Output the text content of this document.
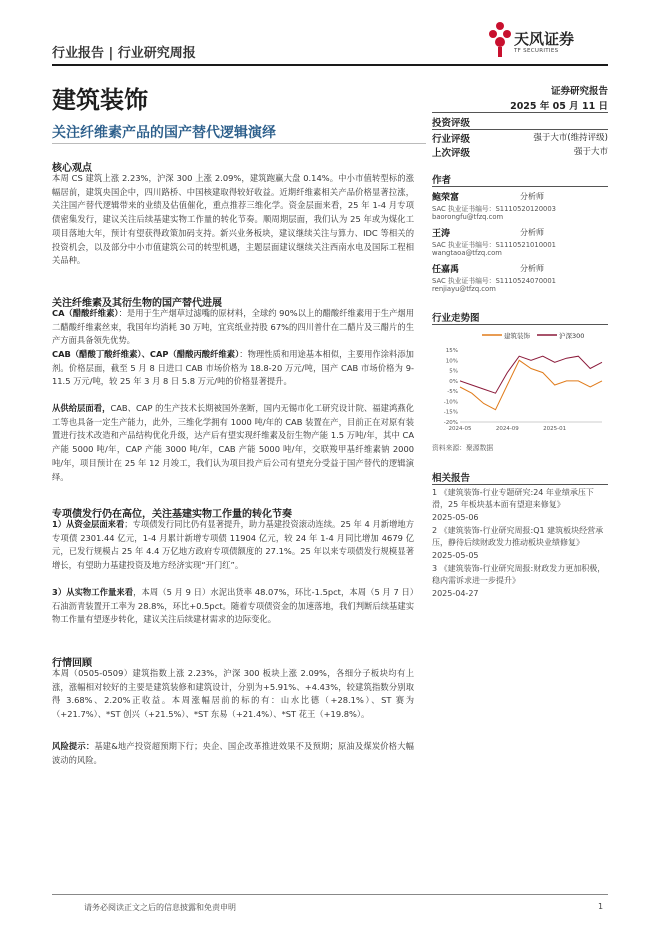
行业报告 | 行业研究周报
天风证券
TF SECURITIES
建筑装饰
关注纤维素产品的国产替代逻辑演绎
证券研究报告
2025 年 05 月 11 日
投资评级
行业评级	强于大市(维持评级)
上次评级	强于大市
作者
鲍荣富	分析师
SAC 执业证书编号：S1110520120003
baorongfu@tfzq.com
王涛	分析师
SAC 执业证书编号：S1110521010001
wangtaoa@tfzq.com
任嘉禹	分析师
SAC 执业证书编号：S1110524070001
renjiayu@tfzq.com
行业走势图
建筑装饰	沪深300
15%
10%
5%
0%
-5%
-10%
-15%
-20%
2024-05	2024-09	2025-01
资料来源：聚源数据
相关报告
1 《建筑装饰-行业专题研究:24 年业绩承压下滑，25 年板块基本面有望迎来修复》
2025-05-06
2 《建筑装饰-行业研究周报:Q1 建筑板块经营承压，静待后续财政发力推动板块业绩修复》
2025-05-05
3 《建筑装饰-行业研究周报:财政发力更加积极，稳内需诉求进一步提升》
2025-04-27
核心观点
本周 CS 建筑上涨 2.23%，沪深 300 上涨 2.09%，建筑跑赢大盘 0.14%。中小市值转型标的涨幅居前，建筑央国企中，四川路桥、中国核建取得较好收益。近期纤维素相关产品价格显著拉涨，关注国产替代逻辑带来的业绩及估值催化，重点推荐三维化学。资金层面来看，25 年 1-4 月专项债密集发行，建议关注后续基建实物工作量的转化节奏。顺周期层面，我们认为 25 年或为煤化工项目落地大年，预计有望获得政策加码支持。新兴业务板块，建议继续关注与算力、IDC 等相关的投资机会，以及部分中小市值建筑公司的转型机遇，主题层面建议继续关注西南水电及国际工程相关品种。
关注纤维素及其衍生物的国产替代进展
CA（醋酸纤维素）：是用于生产烟草过滤嘴的原材料，全球约 90%以上的醋酸纤维素用于生产烟用二醋酸纤维素丝束，我国年均消耗 30 万吨，宜宾纸业持股 67%的四川普什在二醋片及三醋片的生产方面具备领先优势。
CAB（醋酸丁酸纤维素）、CAP（醋酸丙酸纤维素）：物理性质和用途基本相似，主要用作涂料添加剂。价格层面，截至 5 月 8 日进口 CAB 市场价格为 18.8-20 万元/吨，国产 CAB 市场价格为 9-11.5 万元/吨，较 25 年 3 月 8 日 5.8 万元/吨的价格显著提升。
从供给层面看，CAB、CAP 的生产技术长期被国外垄断，国内无锡市化工研究设计院、福建鸿燕化工等也具备一定生产能力，此外，三维化学拥有 1000 吨/年的 CAB 装置在产，目前正在对原有装置进行技术改造和产品结构优化升级，达产后有望实现纤维素及衍生物产能 1.5 万吨/年，其中 CA 产能 5000 吨/年，CAP 产能 3000 吨/年，CAB 产能 5000 吨/年，交联羧甲基纤维素钠 2000 吨/年，项目预计在 25 年 12 月竣工，我们认为项目投产后公司有望充分受益于国产替代的逻辑演绎。
专项债发行仍在高位，关注基建实物工作量的转化节奏
1）从资金层面来看；专项债发行同比仍有显著提升，助力基建投资滚动连续。25 年 4 月新增地方专项债 2301.44 亿元，1-4 月累计新增专项债 11904 亿元，较 24 年 1-4 月同比增加 4679 亿元，已发行规模占 25 年 4.4 万亿地方政府专项债额度的 27.1%。25 年以来专项债发行规模显著增长，有望助力基建投资及地方经济实现“开门红”。
3）从实物工作量来看，本周（5 月 9 日）水泥出货率 48.07%，环比-1.5pct，本周（5 月 7 日）石油沥青装置开工率为 28.8%，环比+0.5pct。随着专项债资金的加速落地，我们判断后续基建实物工作量有望逐步转化，建议关注后续建材需求的边际变化。
行情回顾
本周（0505-0509）建筑指数上涨 2.23%，沪深 300 板块上涨 2.09%，各细分子板块均有上涨，涨幅相对较好的主要是建筑装修和建筑设计，分别为+5.91%、+4.43%，较建筑指数分别取得 3.68%、2.20%正收益。本周涨幅居前的标的有：山水比德（+28.1%）、ST 赛为（+21.7%）、*ST 创兴（+21.5%）、*ST 东易（+21.4%）、*ST 花王（+19.8%）。
风险提示：基建&地产投资超预期下行；央企、国企改革推进效果不及预期；原油及煤炭价格大幅波动的风险。
请务必阅读正文之后的信息披露和免责申明	1
